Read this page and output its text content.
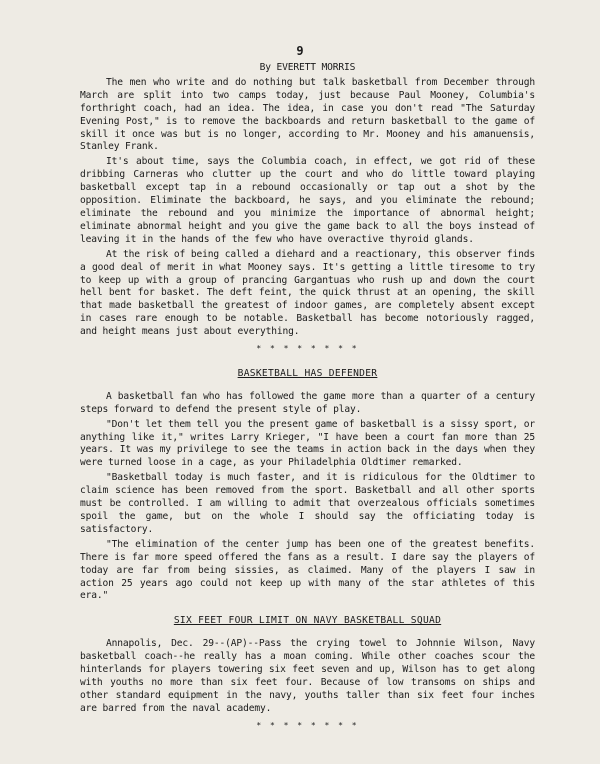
9
By EVERETT MORRIS

The men who write and do nothing but talk basketball from December through March are split into two camps today, just because Paul Mooney, Columbia's forthright coach, had an idea. The idea, in case you don't read "The Saturday Evening Post," is to remove the backboards and return basketball to the game of skill it once was but is no longer, according to Mr. Mooney and his amanuensis, Stanley Frank.

It's about time, says the Columbia coach, in effect, we got rid of these dribbing Carneras who clutter up the court and who do little toward playing basketball except tap in a rebound occasionally or tap out a shot by the opposition. Eliminate the backboard, he says, and you eliminate the rebound; eliminate the rebound and you minimize the importance of abnormal height; eliminate abnormal height and you give the game back to all the boys instead of leaving it in the hands of the few who have overactive thyroid glands.

At the risk of being called a diehard and a reactionary, this observer finds a good deal of merit in what Mooney says. It's getting a little tiresome to try to keep up with a group of prancing Gargantuas who rush up and down the court hell bent for basket. The deft feint, the quick thrust at an opening, the skill that made basketball the greatest of indoor games, are completely absent except in cases rare enough to be notable. Basketball has become notoriously ragged, and height means just about everything.

* * * * * * * *
BASKETBALL HAS DEFENDER

A basketball fan who has followed the game more than a quarter of a century steps forward to defend the present style of play.

"Don't let them tell you the present game of basketball is a sissy sport, or anything like it," writes Larry Krieger, "I have been a court fan more than 25 years. It was my privilege to see the teams in action back in the days when they were turned loose in a cage, as your Philadelphia Oldtimer remarked.

"Basketball today is much faster, and it is ridiculous for the Oldtimer to claim science has been removed from the sport. Basketball and all other sports must be controlled. I am willing to admit that overzealous officials sometimes spoil the game, but on the whole I should say the officiating today is satisfactory.

"The elimination of the center jump has been one of the greatest benefits. There is far more speed offered the fans as a result. I dare say the players of today are far from being sissies, as claimed. Many of the players I saw in action 25 years ago could not keep up with many of the star athletes of this era."

SIX FEET FOUR LIMIT ON NAVY BASKETBALL SQUAD

Annapolis, Dec. 29--(AP)--Pass the crying towel to Johnnie Wilson, Navy basketball coach--he really has a moan coming. While other coaches scour the hinterlands for players towering six feet seven and up, Wilson has to get along with youths no more than six feet four. Because of low transoms on ships and other standard equipment in the navy, youths taller than six feet four inches are barred from the naval academy.

* * * * * * * *
